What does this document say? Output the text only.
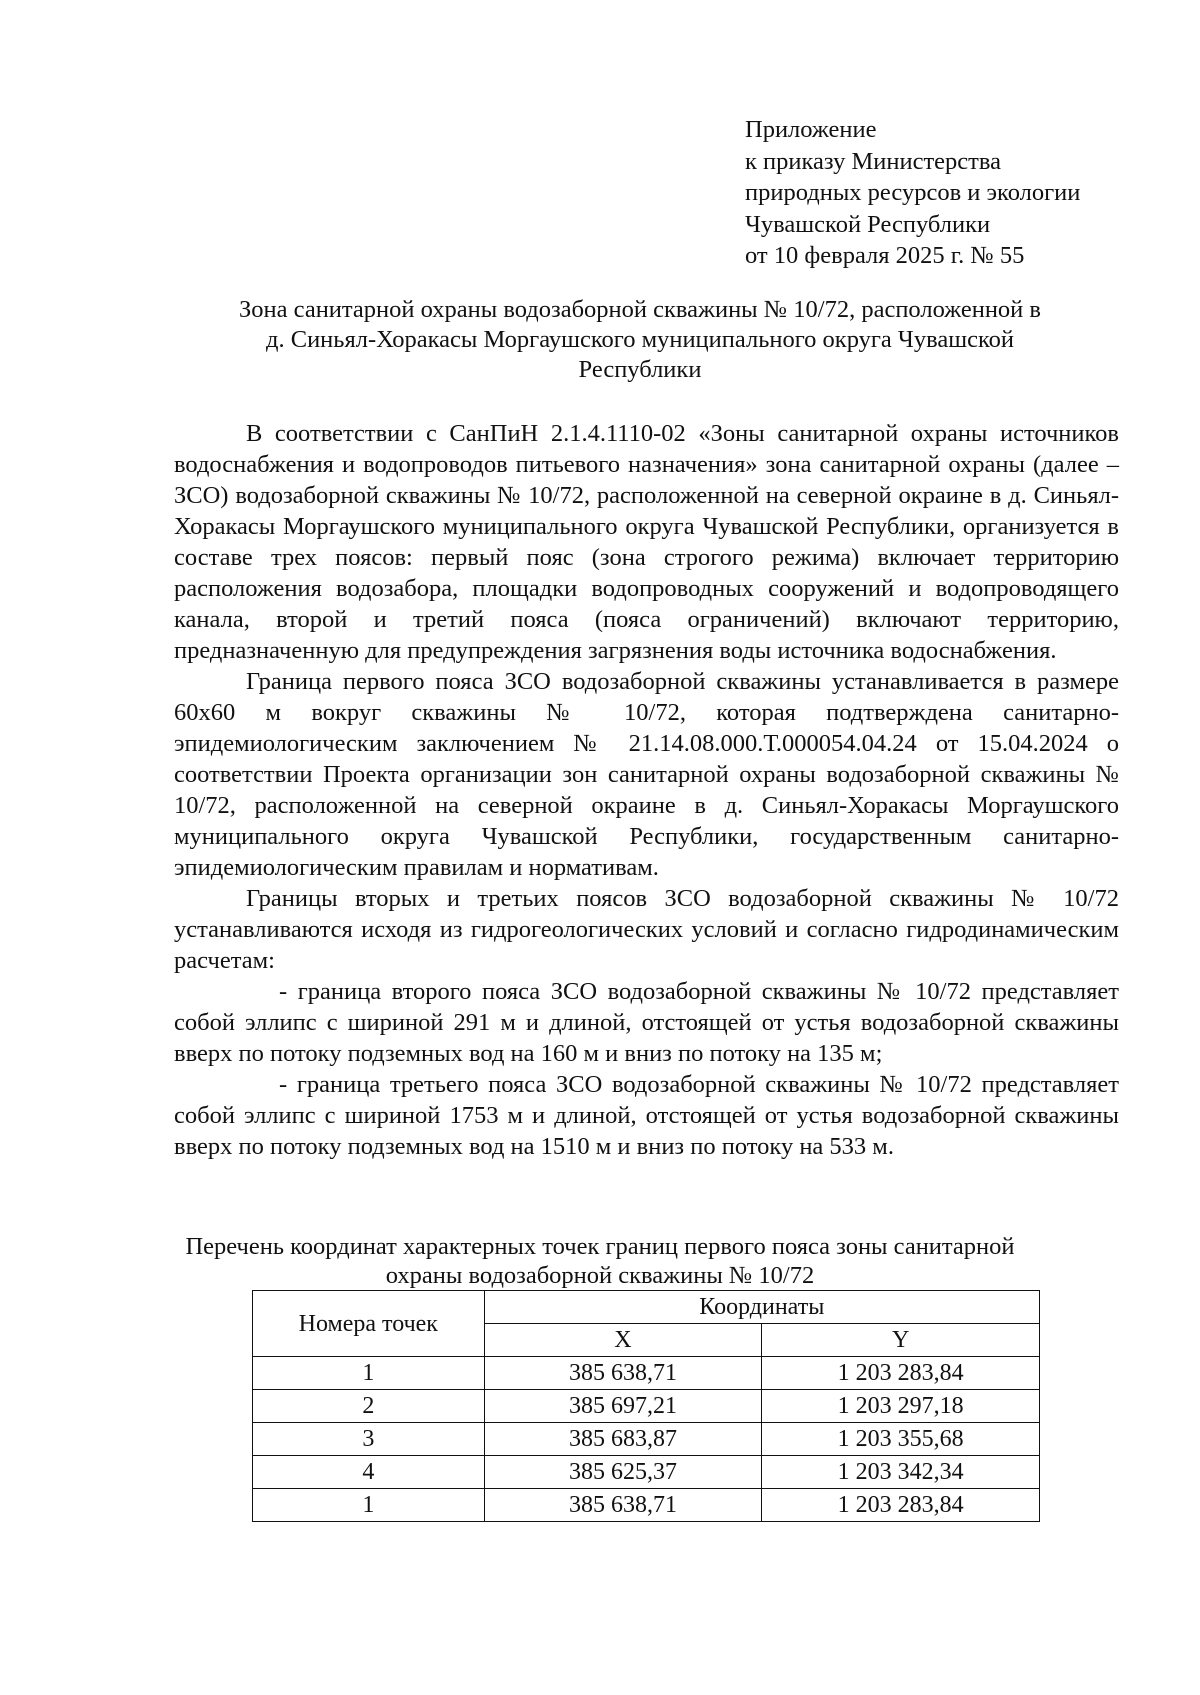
Приложение
к приказу Министерства
природных ресурсов и экологии
Чувашской Республики
от 10 февраля 2025 г. № 55
Зона санитарной охраны водозаборной скважины № 10/72, расположенной в
д. Синьял-Хоракасы Моргаушского муниципального округа Чувашской
Республики

В соответствии с СанПиН 2.1.4.1110-02 «Зоны санитарной охраны источников водоснабжения и водопроводов питьевого назначения» зона санитарной охраны (далее – ЗСО) водозаборной скважины № 10/72, расположенной на северной окраине в д. Синьял-Хоракасы Моргаушского муниципального округа Чувашской Республики, организуется в составе трех поясов: первый пояс (зона строгого режима) включает территорию расположения водозабора, площадки водопроводных сооружений и водопроводящего канала, второй и третий пояса (пояса ограничений) включают территорию, предназначенную для предупреждения загрязнения воды источника водоснабжения.

Граница первого пояса ЗСО водозаборной скважины устанавливается в размере 60х60 м вокруг скважины № 10/72, которая подтверждена санитарно-эпидемиологическим заключением № 21.14.08.000.Т.000054.04.24 от 15.04.2024 о соответствии Проекта организации зон санитарной охраны водозаборной скважины № 10/72, расположенной на северной окраине в д. Синьял-Хоракасы Моргаушского муниципального округа Чувашской Республики, государственным санитарно-эпидемиологическим правилам и нормативам.

Границы вторых и третьих поясов ЗСО водозаборной скважины № 10/72 устанавливаются исходя из гидрогеологических условий и согласно гидродинамическим расчетам:

- граница второго пояса ЗСО водозаборной скважины № 10/72 представляет собой эллипс с шириной 291 м и длиной, отстоящей от устья водозаборной скважины вверх по потоку подземных вод на 160 м и вниз по потоку на 135 м;

- граница третьего пояса ЗСО водозаборной скважины № 10/72 представляет собой эллипс с шириной 1753 м и длиной, отстоящей от устья водозаборной скважины вверх по потоку подземных вод на 1510 м и вниз по потоку на 533 м.

Перечень координат характерных точек границ первого пояса зоны санитарной
охраны водозаборной скважины № 10/72
Номера точек	Координаты	
	X	Y
1	385 638,71	1 203 283,84
2	385 697,21	1 203 297,18
3	385 683,87	1 203 355,68
4	385 625,37	1 203 342,34
1	385 638,71	1 203 283,84
